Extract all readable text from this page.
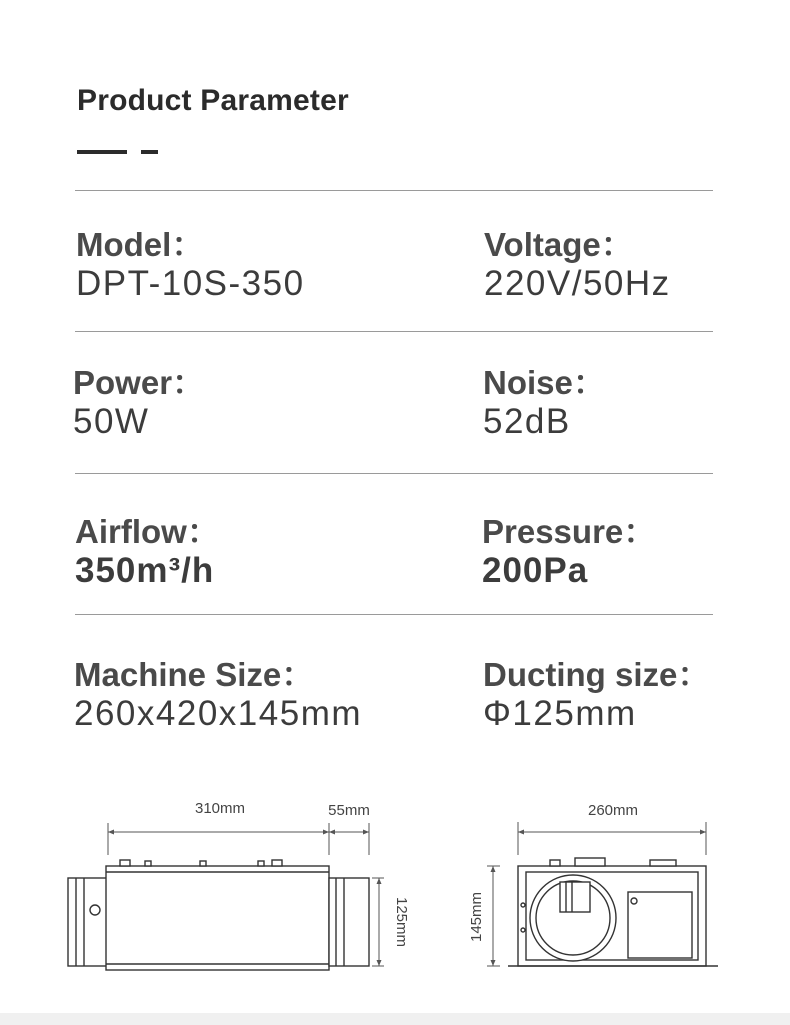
Product Parameter
Model：
DPT-10S-350
Voltage：
220V/50Hz
Power：
50W
Noise：
52dB
Airflow：
350m³/h
Pressure：
200Pa
Machine Size：
260x420x145mm
Ducting size：
Φ125mm
310mm	55mm
125mm
260mm
145mm
